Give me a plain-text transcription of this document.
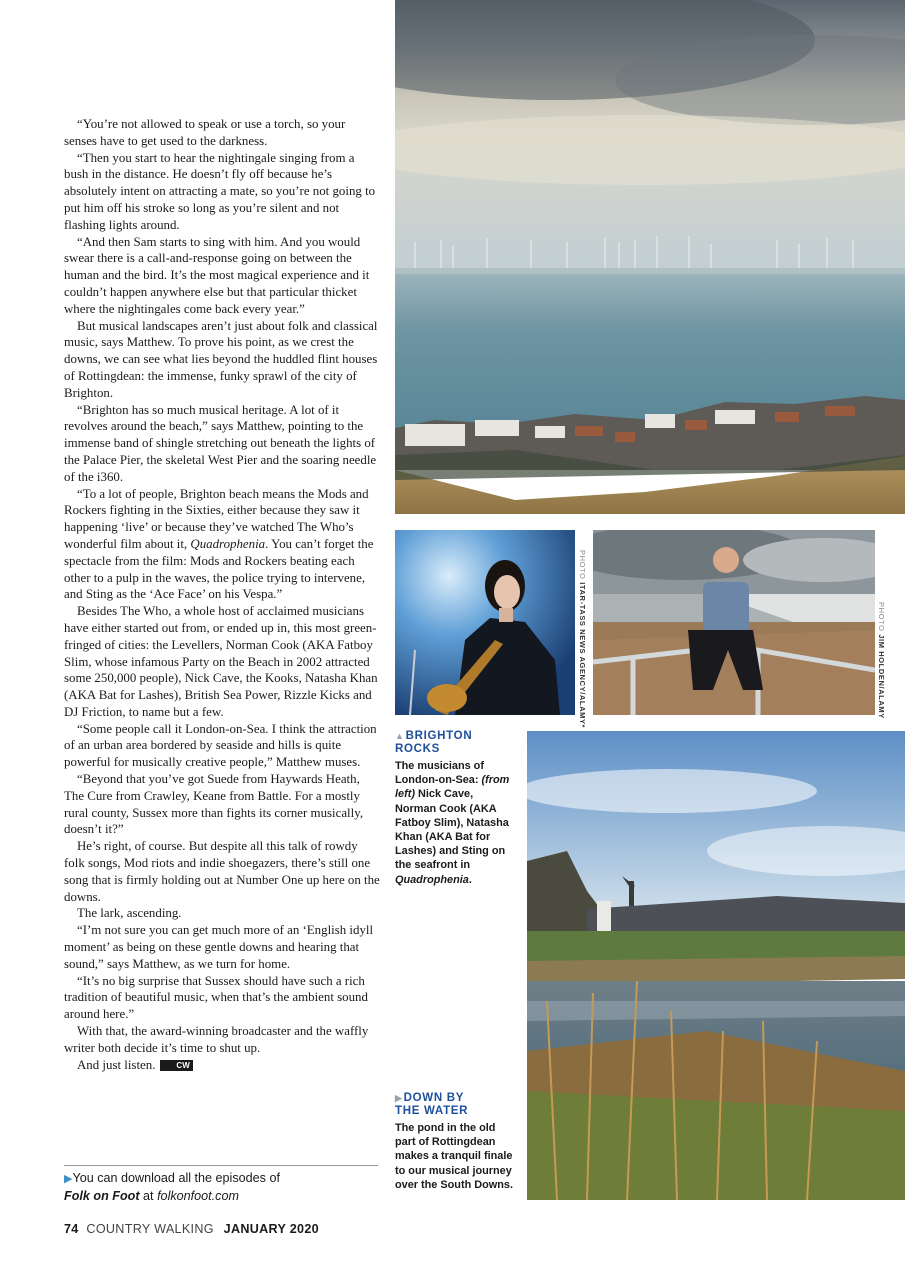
“You’re not allowed to speak or use a torch, so your senses have to get used to the darkness.

“Then you start to hear the nightingale singing from a bush in the distance. He doesn’t fly off because he’s absolutely intent on attracting a mate, so you’re not going to put him off his stroke so long as you’re silent and not flashing lights around.

“And then Sam starts to sing with him. And you would swear there is a call-and-response going on between the human and the bird. It’s the most magical experience and it couldn’t happen anywhere else but that particular thicket where the nightingales come back every year.”

But musical landscapes aren’t just about folk and classical music, says Matthew. To prove his point, as we crest the downs, we can see what lies beyond the huddled flint houses of Rottingdean: the immense, funky sprawl of the city of Brighton.

“Brighton has so much musical heritage. A lot of it revolves around the beach,” says Matthew, pointing to the immense band of shingle stretching out beneath the lights of the Palace Pier, the skeletal West Pier and the soaring needle of the i360.

“To a lot of people, Brighton beach means the Mods and Rockers fighting in the Sixties, either because they saw it happening ‘live’ or because they’ve watched The Who’s wonderful film about it, Quadrophenia. You can’t forget the spectacle from the film: Mods and Rockers beating each other to a pulp in the waves, the police trying to intervene, and Sting as the ‘Ace Face’ on his Vespa.”

Besides The Who, a whole host of acclaimed musicians have either started out from, or ended up in, this most green-fringed of cities: the Levellers, Norman Cook (AKA Fatboy Slim, whose infamous Party on the Beach in 2002 attracted some 250,000 people), Nick Cave, the Kooks, Natasha Khan (AKA Bat for Lashes), British Sea Power, Rizzle Kicks and DJ Friction, to name but a few.

“Some people call it London-on-Sea. I think the attraction of an urban area bordered by seaside and hills is quite powerful for musically creative people,” Matthew muses.

“Beyond that you’ve got Suede from Haywards Heath, The Cure from Crawley, Keane from Battle. For a mostly rural county, Sussex more than fights its corner musically, doesn’t it?”

He’s right, of course. But despite all this talk of rowdy folk songs, Mod riots and indie shoegazers, there’s still one song that is firmly holding out at Number One up here on the downs.

The lark, ascending.

“I’m not sure you can get much more of an ‘English idyll moment’ as being on these gentle downs and hearing that sound,” says Matthew, as we turn for home.

“It’s no big surprise that Sussex should have such a rich tradition of beautiful music, when that’s the ambient sound around here.”

With that, the award-winning broadcaster and the waffly writer both decide it’s time to shut up.

And just listen.	CW

▶You can download all the episodes of
Folk on Foot at folkonfoot.com
74 COUNTRY WALKING JANUARY 2020
PHOTO ITAR-TASS NEWS AGENCY/ALAMY*	PHOTO JIM HOLDEN/ALAMY
▲BRIGHTON
ROCKS
The musicians of London-on-Sea: (from left) Nick Cave, Norman Cook (AKA Fatboy Slim), Natasha Khan (AKA Bat for Lashes) and Sting on the seafront in Quadrophenia.
▶DOWN BY
THE WATER
The pond in the old part of Rottingdean makes a tranquil finale to our musical journey over the South Downs.
